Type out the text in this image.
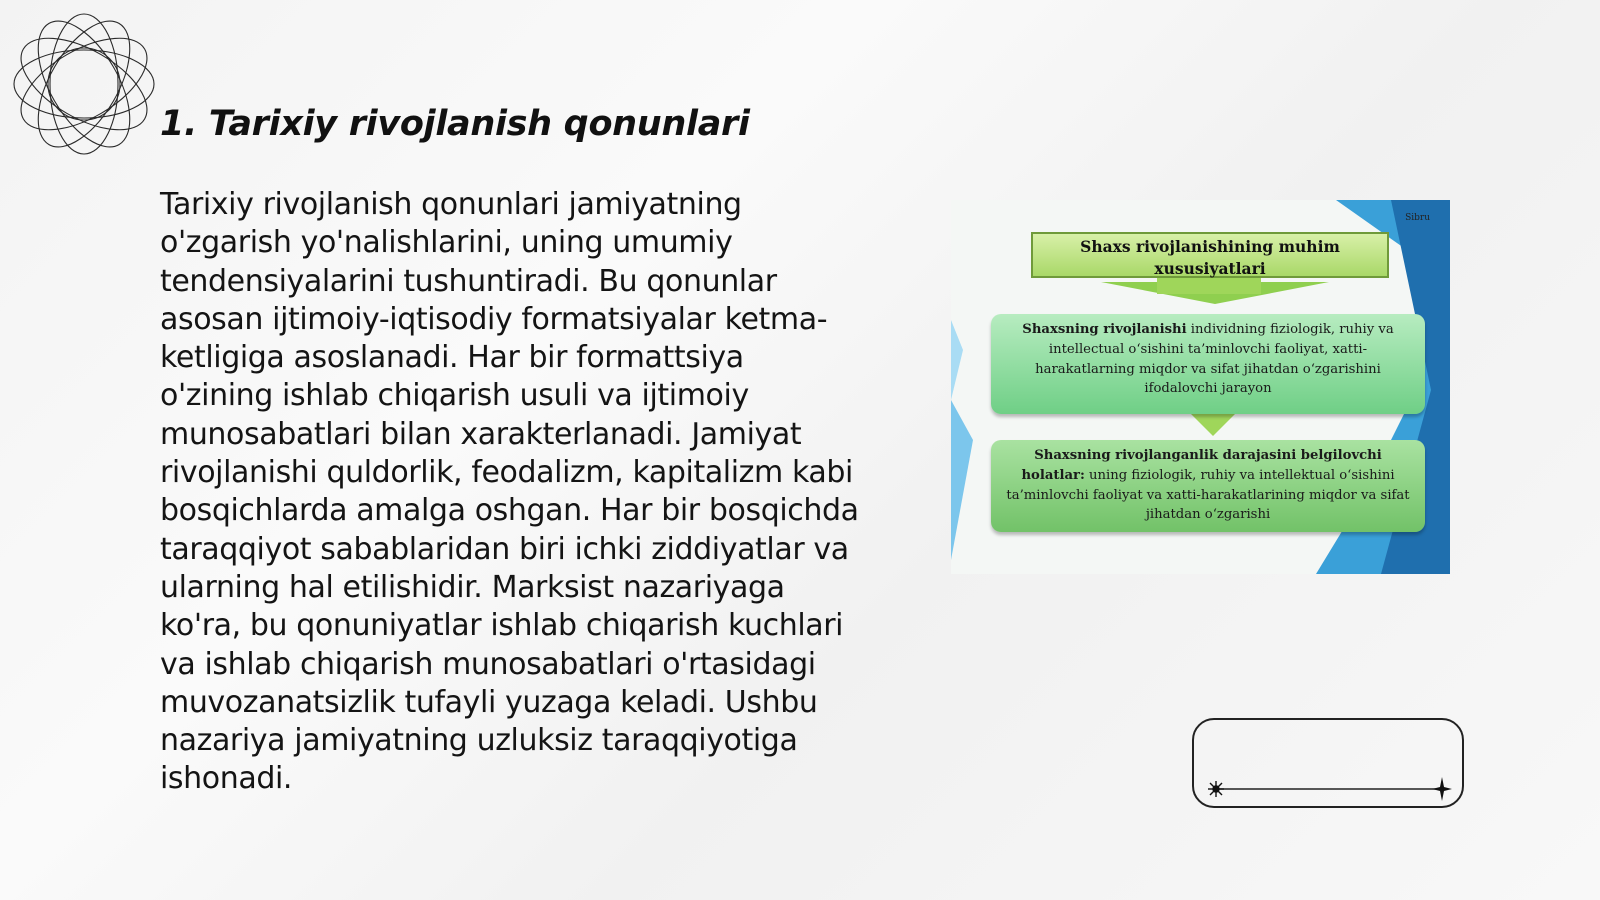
1. Tarixiy rivojlanish qonunlari

Tarixiy rivojlanish qonunlari jamiyatning o'zgarish yo'nalishlarini, uning umumiy tendensiyalarini tushuntiradi. Bu qonunlar asosan ijtimoiy-iqtisodiy formatsiyalar ketma-ketligiga asoslanadi. Har bir formattsiya o'zining ishlab chiqarish usuli va ijtimoiy munosabatlari bilan xarakterlanadi. Jamiyat rivojlanishi quldorlik, feodalizm, kapitalizm kabi bosqichlarda amalga oshgan. Har bir bosqichda taraqqiyot sabablaridan biri ichki ziddiyatlar va ularning hal etilishidir. Marksist nazariyaga ko'ra, bu qonuniyatlar ishlab chiqarish kuchlari va ishlab chiqarish munosabatlari o'rtasidagi muvozanatsizlik tufayli yuzaga keladi. Ushbu nazariya jamiyatning uzluksiz taraqqiyotiga ishonadi.

Sibru
Shaxs rivojlanishining muhim xususiyatlari
Shaxsning rivojlanishi individning fiziologik, ruhiy va intellectual o‘sishini ta’minlovchi faoliyat, xatti-harakatlarning miqdor va sifat jihatdan o‘zgarishini ifodalovchi jarayon
Shaxsning rivojlanganlik darajasini belgilovchi holatlar: uning fiziologik, ruhiy va intellektual o‘sishini ta’minlovchi faoliyat va xatti-harakatlarining miqdor va sifat jihatdan o‘zgarishi
